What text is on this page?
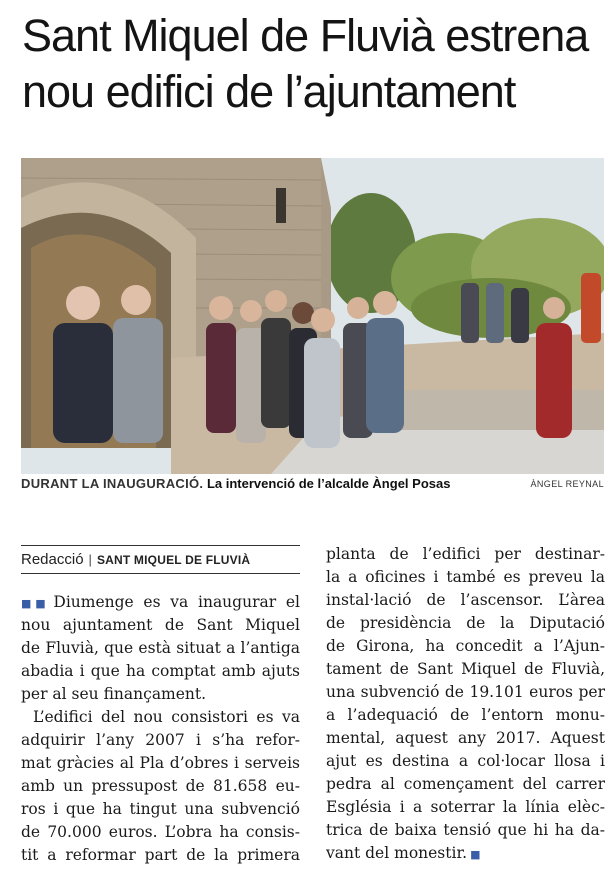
Sant Miquel de Fluvià estrena
nou edifici de l’ajuntament
DURANT LA INAUGURACIÓ. La intervenció de l’alcalde Àngel Posas	ÀNGEL REYNAL
Redacció | SANT MIQUEL DE FLUVIÀ
■■ Diumenge es va inaugurar el
nou ajuntament de Sant Miquel
de Fluvià, que està situat a l’antiga
abadia i que ha comptat amb ajuts
per al seu finançament.
L’edifici del nou consistori es va
adquirir l’any 2007 i s’ha refor-
mat gràcies al Pla d’obres i serveis
amb un pressupost de 81.658 eu-
ros i que ha tingut una subvenció
de 70.000 euros. L’obra ha consis-
tit a reformar part de la primera
planta de l’edifici per destinar-
la a oficines i també es preveu la
instal·lació de l’ascensor. L’àrea
de presidència de la Diputació
de Girona, ha concedit a l’Ajun-
tament de Sant Miquel de Fluvià,
una subvenció de 19.101 euros per
a l’adequació de l’entorn monu-
mental, aquest any 2017. Aquest
ajut es destina a col·locar llosa i
pedra al començament del carrer
Església i a soterrar la línia elèc-
trica de baixa tensió que hi ha da-
vant del monestir. ■
